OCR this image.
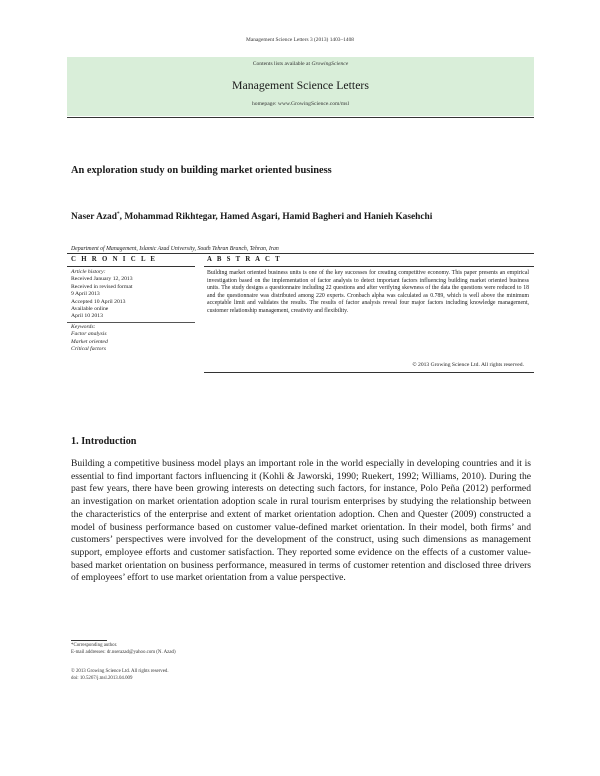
Management Science Letters 3 (2013) 1403–1408
Contents lists available at GrowingScience
Management Science Letters
homepage: www.GrowingScience.com/msl
An exploration study on building market oriented business
Naser Azad*, Mohammad Rikhtegar, Hamed Asgari, Hamid Bagheri and Hanieh Kasehchi
Department of Management, Islamic Azad University, South Tehran Branch, Tehran, Iran
C H R O N I C L E	A B S T R A C T
Article history:
Received January 12, 2013
Received in revised format
9 April 2013
Accepted 10 April 2013
Available online
April 10 2013
Keywords:
Factor analysis
Market oriented
Critical factors
Building market oriented business units is one of the key successes for creating competitive economy. This paper presents an empirical investigation based on the implementation of factor analysis to detect important factors influencing building market oriented business units. The study designs a questionnaire including 22 questions and after verifying skewness of the data the questions were reduced to 18 and the questionnaire was distributed among 220 experts. Cronbach alpha was calculated as 0.789, which is well above the minimum acceptable limit and validates the results. The results of factor analysis reveal four major factors including knowledge management, customer relationship management, creativity and flexibility.
© 2013 Growing Science Ltd. All rights reserved.
1. Introduction
Building a competitive business model plays an important role in the world especially in developing countries and it is essential to find important factors influencing it (Kohli & Jaworski, 1990; Ruekert, 1992; Williams, 2010). During the past few years, there have been growing interests on detecting such factors, for instance, Polo Peña (2012) performed an investigation on market orientation adoption scale in rural tourism enterprises by studying the relationship between the characteristics of the enterprise and extent of market orientation adoption. Chen and Quester (2009) constructed a model of business performance based on customer value-defined market orientation. In their model, both firms’ and customers’ perspectives were involved for the development of the construct, using such dimensions as management support, employee efforts and customer satisfaction. They reported some evidence on the effects of a customer value-based market orientation on business performance, measured in terms of customer retention and disclosed three drivers of employees’ effort to use market orientation from a value perspective.
*Corresponding author.
E-mail addresses: dr.nserazad@yahoo.com (N. Azad)
© 2013 Growing Science Ltd. All rights reserved.
doi: 10.5267/j.msl.2013.04.009
